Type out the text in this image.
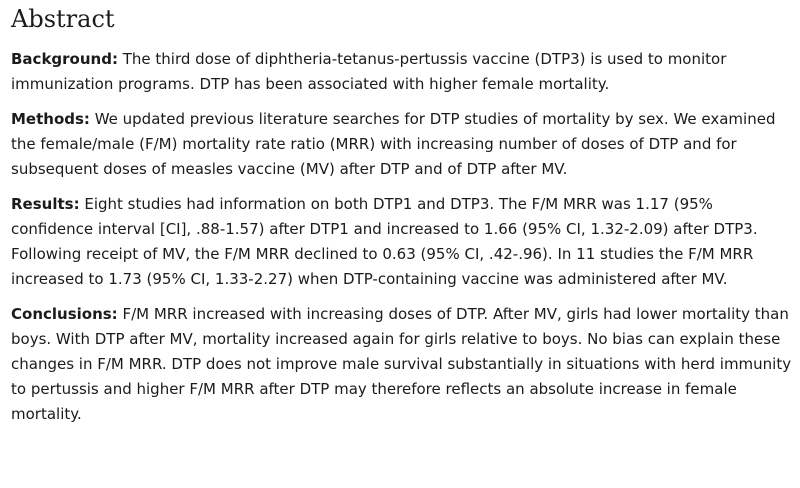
Abstract

Background: The third dose of diphtheria-tetanus-pertussis vaccine (DTP3) is used to monitor immunization programs. DTP has been associated with higher female mortality.

Methods: We updated previous literature searches for DTP studies of mortality by sex. We examined the female/male (F/M) mortality rate ratio (MRR) with increasing number of doses of DTP and for subsequent doses of measles vaccine (MV) after DTP and of DTP after MV.

Results: Eight studies had information on both DTP1 and DTP3. The F/M MRR was 1.17 (95% confidence interval [CI], .88-1.57) after DTP1 and increased to 1.66 (95% CI, 1.32-2.09) after DTP3. Following receipt of MV, the F/M MRR declined to 0.63 (95% CI, .42-.96). In 11 studies the F/M MRR increased to 1.73 (95% CI, 1.33-2.27) when DTP-containing vaccine was administered after MV.

Conclusions: F/M MRR increased with increasing doses of DTP. After MV, girls had lower mortality than boys. With DTP after MV, mortality increased again for girls relative to boys. No bias can explain these changes in F/M MRR. DTP does not improve male survival substantially in situations with herd immunity to pertussis and higher F/M MRR after DTP may therefore reflects an absolute increase in female mortality.
